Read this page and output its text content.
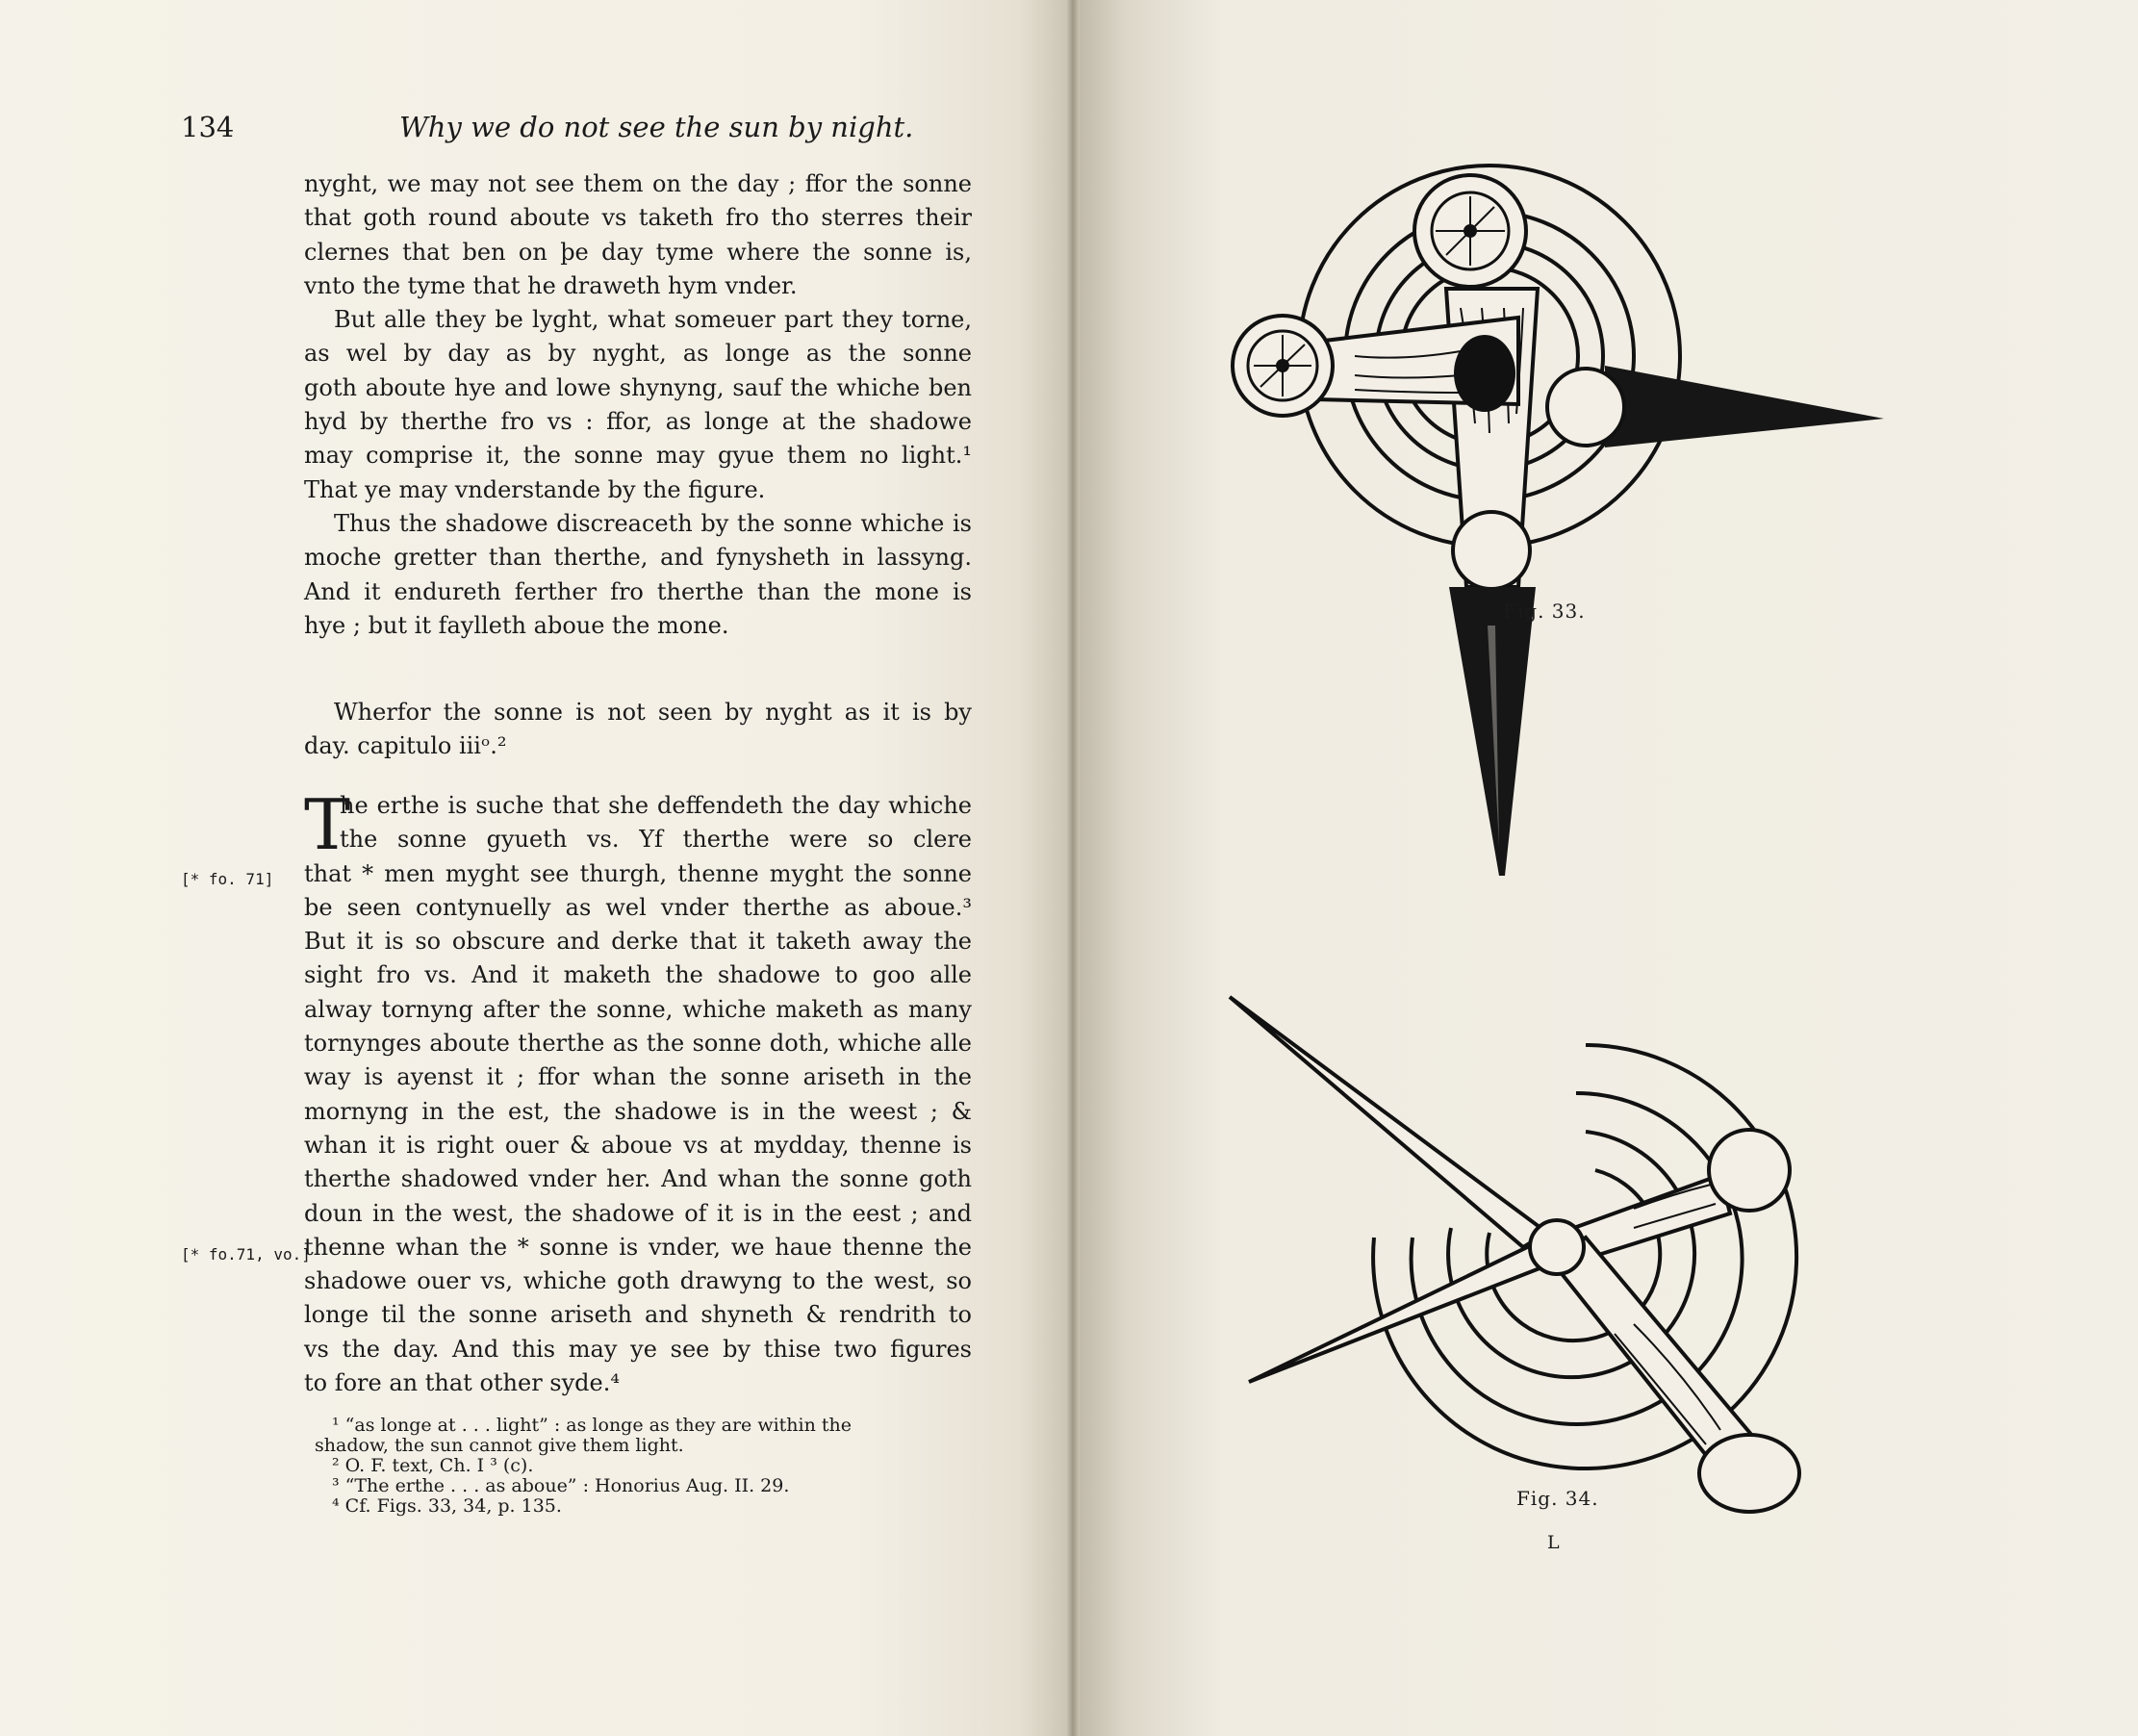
134	Why we do not see the sun by night.
nyght, we may not see them on the day ; ffor the sonne
that goth round aboute vs taketh fro tho sterres their
clernes that ben on þe day tyme where the sonne is,
vnto the tyme that he draweth hym vnder.
But alle they be lyght, what someuer part they torne,
as wel by day as by nyght, as longe as the sonne
goth aboute hye and lowe shynyng, sauf the whiche ben
hyd by therthe fro vs : ffor, as longe at the shadowe
may comprise it, the sonne may gyue them no light.¹
That ye may vnderstande by the figure.
Thus the shadowe discreaceth by the sonne whiche is
moche gretter than therthe, and fynysheth in lassyng.
And it endureth ferther fro therthe than the mone is
hye ; but it faylleth aboue the mone.
Wherfor the sonne is not seen by nyght as it is by
day. capitulo iiiᵒ.²
T
he erthe is suche that she deffendeth the day whiche
the sonne gyueth vs. Yf therthe were so clere
that * men myght see thurgh, thenne myght the sonne
be seen contynuelly as wel vnder therthe as aboue.³
But it is so obscure and derke that it taketh away the
sight fro vs. And it maketh the shadowe to goo alle
alway tornyng after the sonne, whiche maketh as many
tornynges aboute therthe as the sonne doth, whiche alle
way is ayenst it ; ffor whan the sonne ariseth in the
mornyng in the est, the shadowe is in the weest ; &
whan it is right ouer & aboue vs at mydday, thenne is
therthe shadowed vnder her. And whan the sonne goth
doun in the west, the shadowe of it is in the eest ; and
thenne whan the * sonne is vnder, we haue thenne the
shadowe ouer vs, whiche goth drawyng to the west, so
longe til the sonne ariseth and shyneth & rendrith to
vs the day. And this may ye see by thise two figures
to fore an that other syde.⁴
[* fo. 71]
[* fo.71, vo.]
¹ “as longe at . . . light” : as longe as they are within the
shadow, the sun cannot give them light.
² O. F. text, Ch. I ³ (c).
³ “The erthe . . . as aboue” : Honorius Aug. II. 29.
⁴ Cf. Figs. 33, 34, p. 135.
Fig. 33.
Fig. 34.
L
